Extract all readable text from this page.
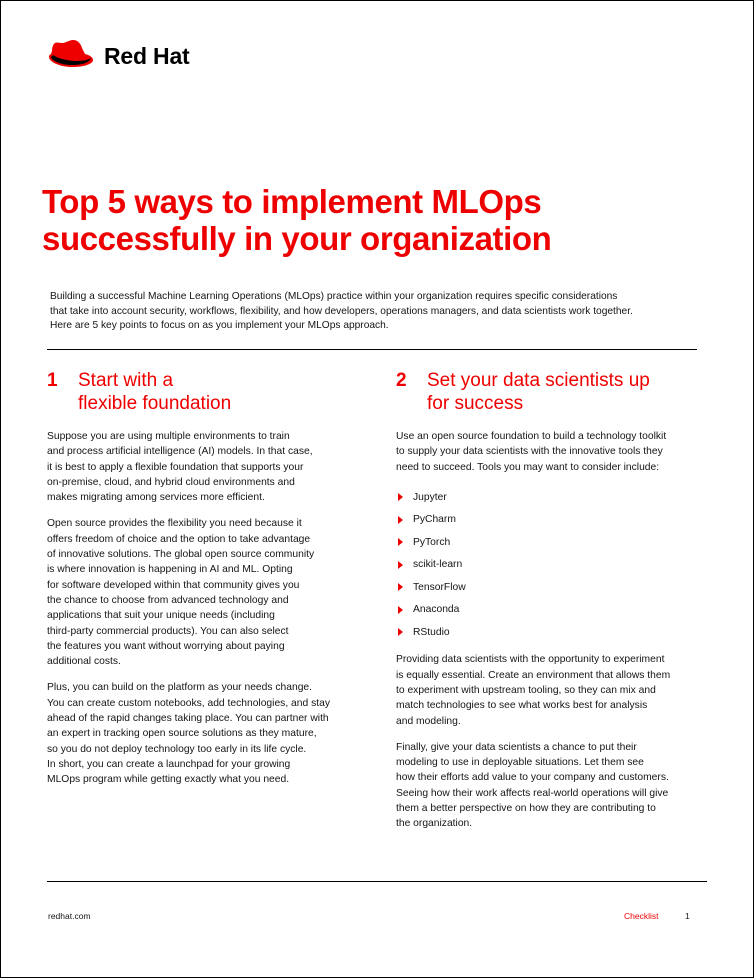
Red Hat
Top 5 ways to implement MLOps
successfully in your organization

Building a successful Machine Learning Operations (MLOps) practice within your organization requires specific considerations
that take into account security, workflows, flexibility, and how developers, operations managers, and data scientists work together.
Here are 5 key points to focus on as you implement your MLOps approach.

1	Start with a
flexible foundation

Suppose you are using multiple environments to train
and process artificial intelligence (AI) models. In that case,
it is best to apply a flexible foundation that supports your
on-premise, cloud, and hybrid cloud environments and
makes migrating among services more efficient.

Open source provides the flexibility you need because it
offers freedom of choice and the option to take advantage
of innovative solutions. The global open source community
is where innovation is happening in AI and ML. Opting
for software developed within that community gives you
the chance to choose from advanced technology and
applications that suit your unique needs (including
third-party commercial products). You can also select
the features you want without worrying about paying
additional costs.

Plus, you can build on the platform as your needs change.
You can create custom notebooks, add technologies, and stay
ahead of the rapid changes taking place. You can partner with
an expert in tracking open source solutions as they mature,
so you do not deploy technology too early in its life cycle.
In short, you can create a launchpad for your growing
MLOps program while getting exactly what you need.

2	Set your data scientists up
for success

Use an open source foundation to build a technology toolkit
to supply your data scientists with the innovative tools they
need to succeed. Tools you may want to consider include:

Jupyter
PyCharm
PyTorch
scikit-learn
TensorFlow
Anaconda
RStudio

Providing data scientists with the opportunity to experiment
is equally essential. Create an environment that allows them
to experiment with upstream tooling, so they can mix and
match technologies to see what works best for analysis
and modeling.

Finally, give your data scientists a chance to put their
modeling to use in deployable situations. Let them see
how their efforts add value to your company and customers.
Seeing how their work affects real-world operations will give
them a better perspective on how they are contributing to
the organization.

redhat.com	Checklist	1
